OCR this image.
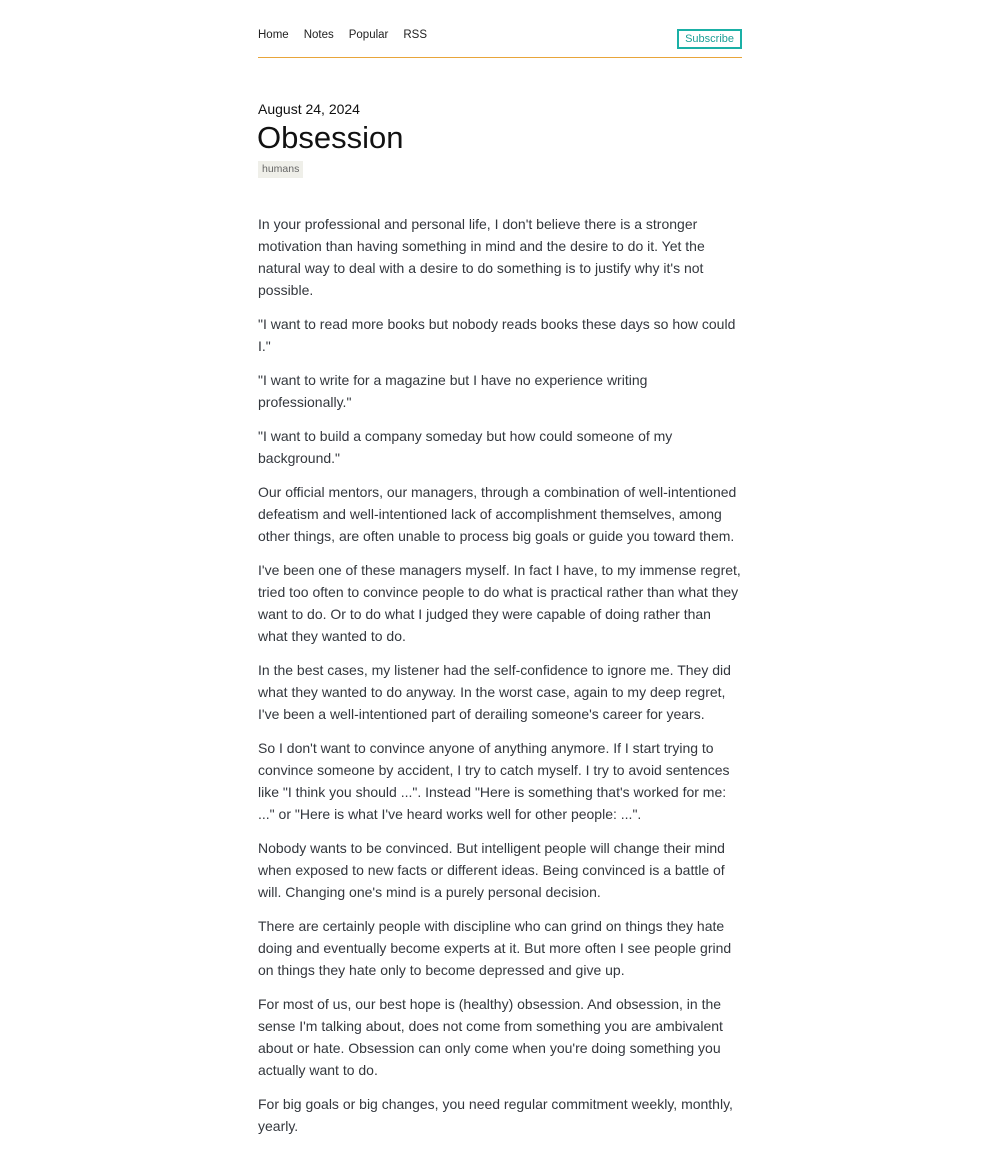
Home Notes Popular RSS	Subscribe
August 24, 2024
Obsession
humans

In your professional and personal life, I don't believe there is a stronger motivation than having something in mind and the desire to do it. Yet the natural way to deal with a desire to do something is to justify why it's not possible.

"I want to read more books but nobody reads books these days so how could I."

"I want to write for a magazine but I have no experience writing professionally."

"I want to build a company someday but how could someone of my background."

Our official mentors, our managers, through a combination of well-intentioned defeatism and well-intentioned lack of accomplishment themselves, among other things, are often unable to process big goals or guide you toward them.

I've been one of these managers myself. In fact I have, to my immense regret, tried too often to convince people to do what is practical rather than what they want to do. Or to do what I judged they were capable of doing rather than what they wanted to do.

In the best cases, my listener had the self-confidence to ignore me. They did what they wanted to do anyway. In the worst case, again to my deep regret, I've been a well-intentioned part of derailing someone's career for years.

So I don't want to convince anyone of anything anymore. If I start trying to convince someone by accident, I try to catch myself. I try to avoid sentences like "I think you should ...". Instead "Here is something that's worked for me: ..." or "Here is what I've heard works well for other people: ...".

Nobody wants to be convinced. But intelligent people will change their mind when exposed to new facts or different ideas. Being convinced is a battle of will. Changing one's mind is a purely personal decision.

There are certainly people with discipline who can grind on things they hate doing and eventually become experts at it. But more often I see people grind on things they hate only to become depressed and give up.

For most of us, our best hope is (healthy) obsession. And obsession, in the sense I'm talking about, does not come from something you are ambivalent about or hate. Obsession can only come when you're doing something you actually want to do.

For big goals or big changes, you need regular commitment weekly, monthly, yearly.
